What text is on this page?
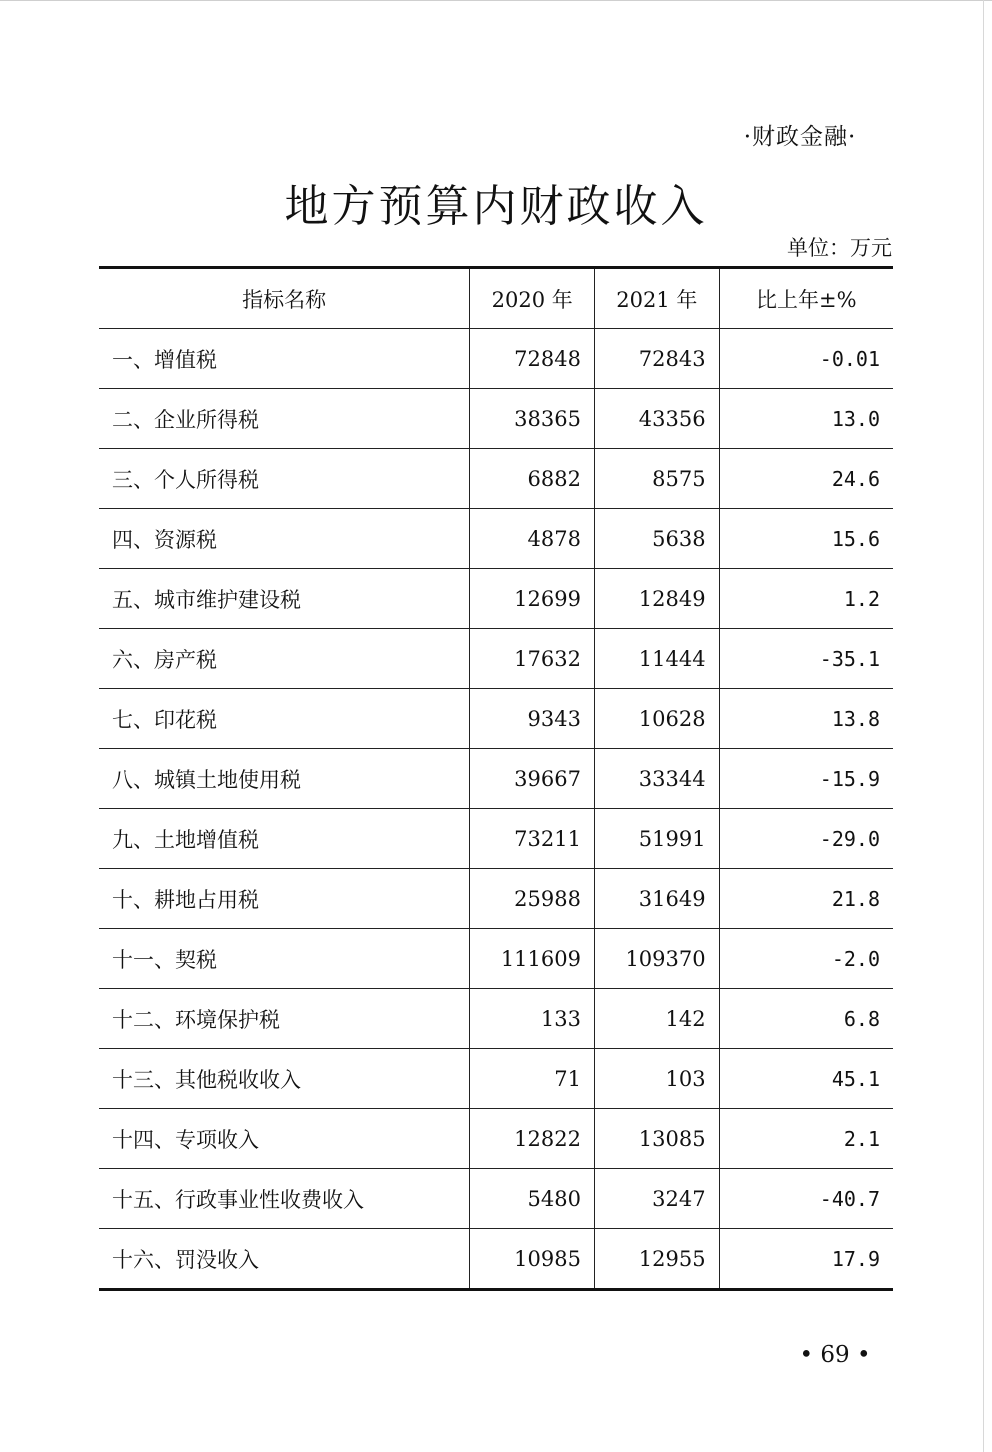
·财政金融·
地方预算内财政收入
单位：万元
指标名称	2020 年	2021 年	比上年±%
一、增值税	72848	72843	-0.01
二、企业所得税	38365	43356	13.0
三、个人所得税	6882	8575	24.6
四、资源税	4878	5638	15.6
五、城市维护建设税	12699	12849	1.2
六、房产税	17632	11444	-35.1
七、印花税	9343	10628	13.8
八、城镇土地使用税	39667	33344	-15.9
九、土地增值税	73211	51991	-29.0
十、耕地占用税	25988	31649	21.8
十一、契税	111609	109370	-2.0
十二、环境保护税	133	142	6.8
十三、其他税收收入	71	103	45.1
十四、专项收入	12822	13085	2.1
十五、行政事业性收费收入	5480	3247	-40.7
十六、罚没收入	10985	12955	17.9
• 69 •
